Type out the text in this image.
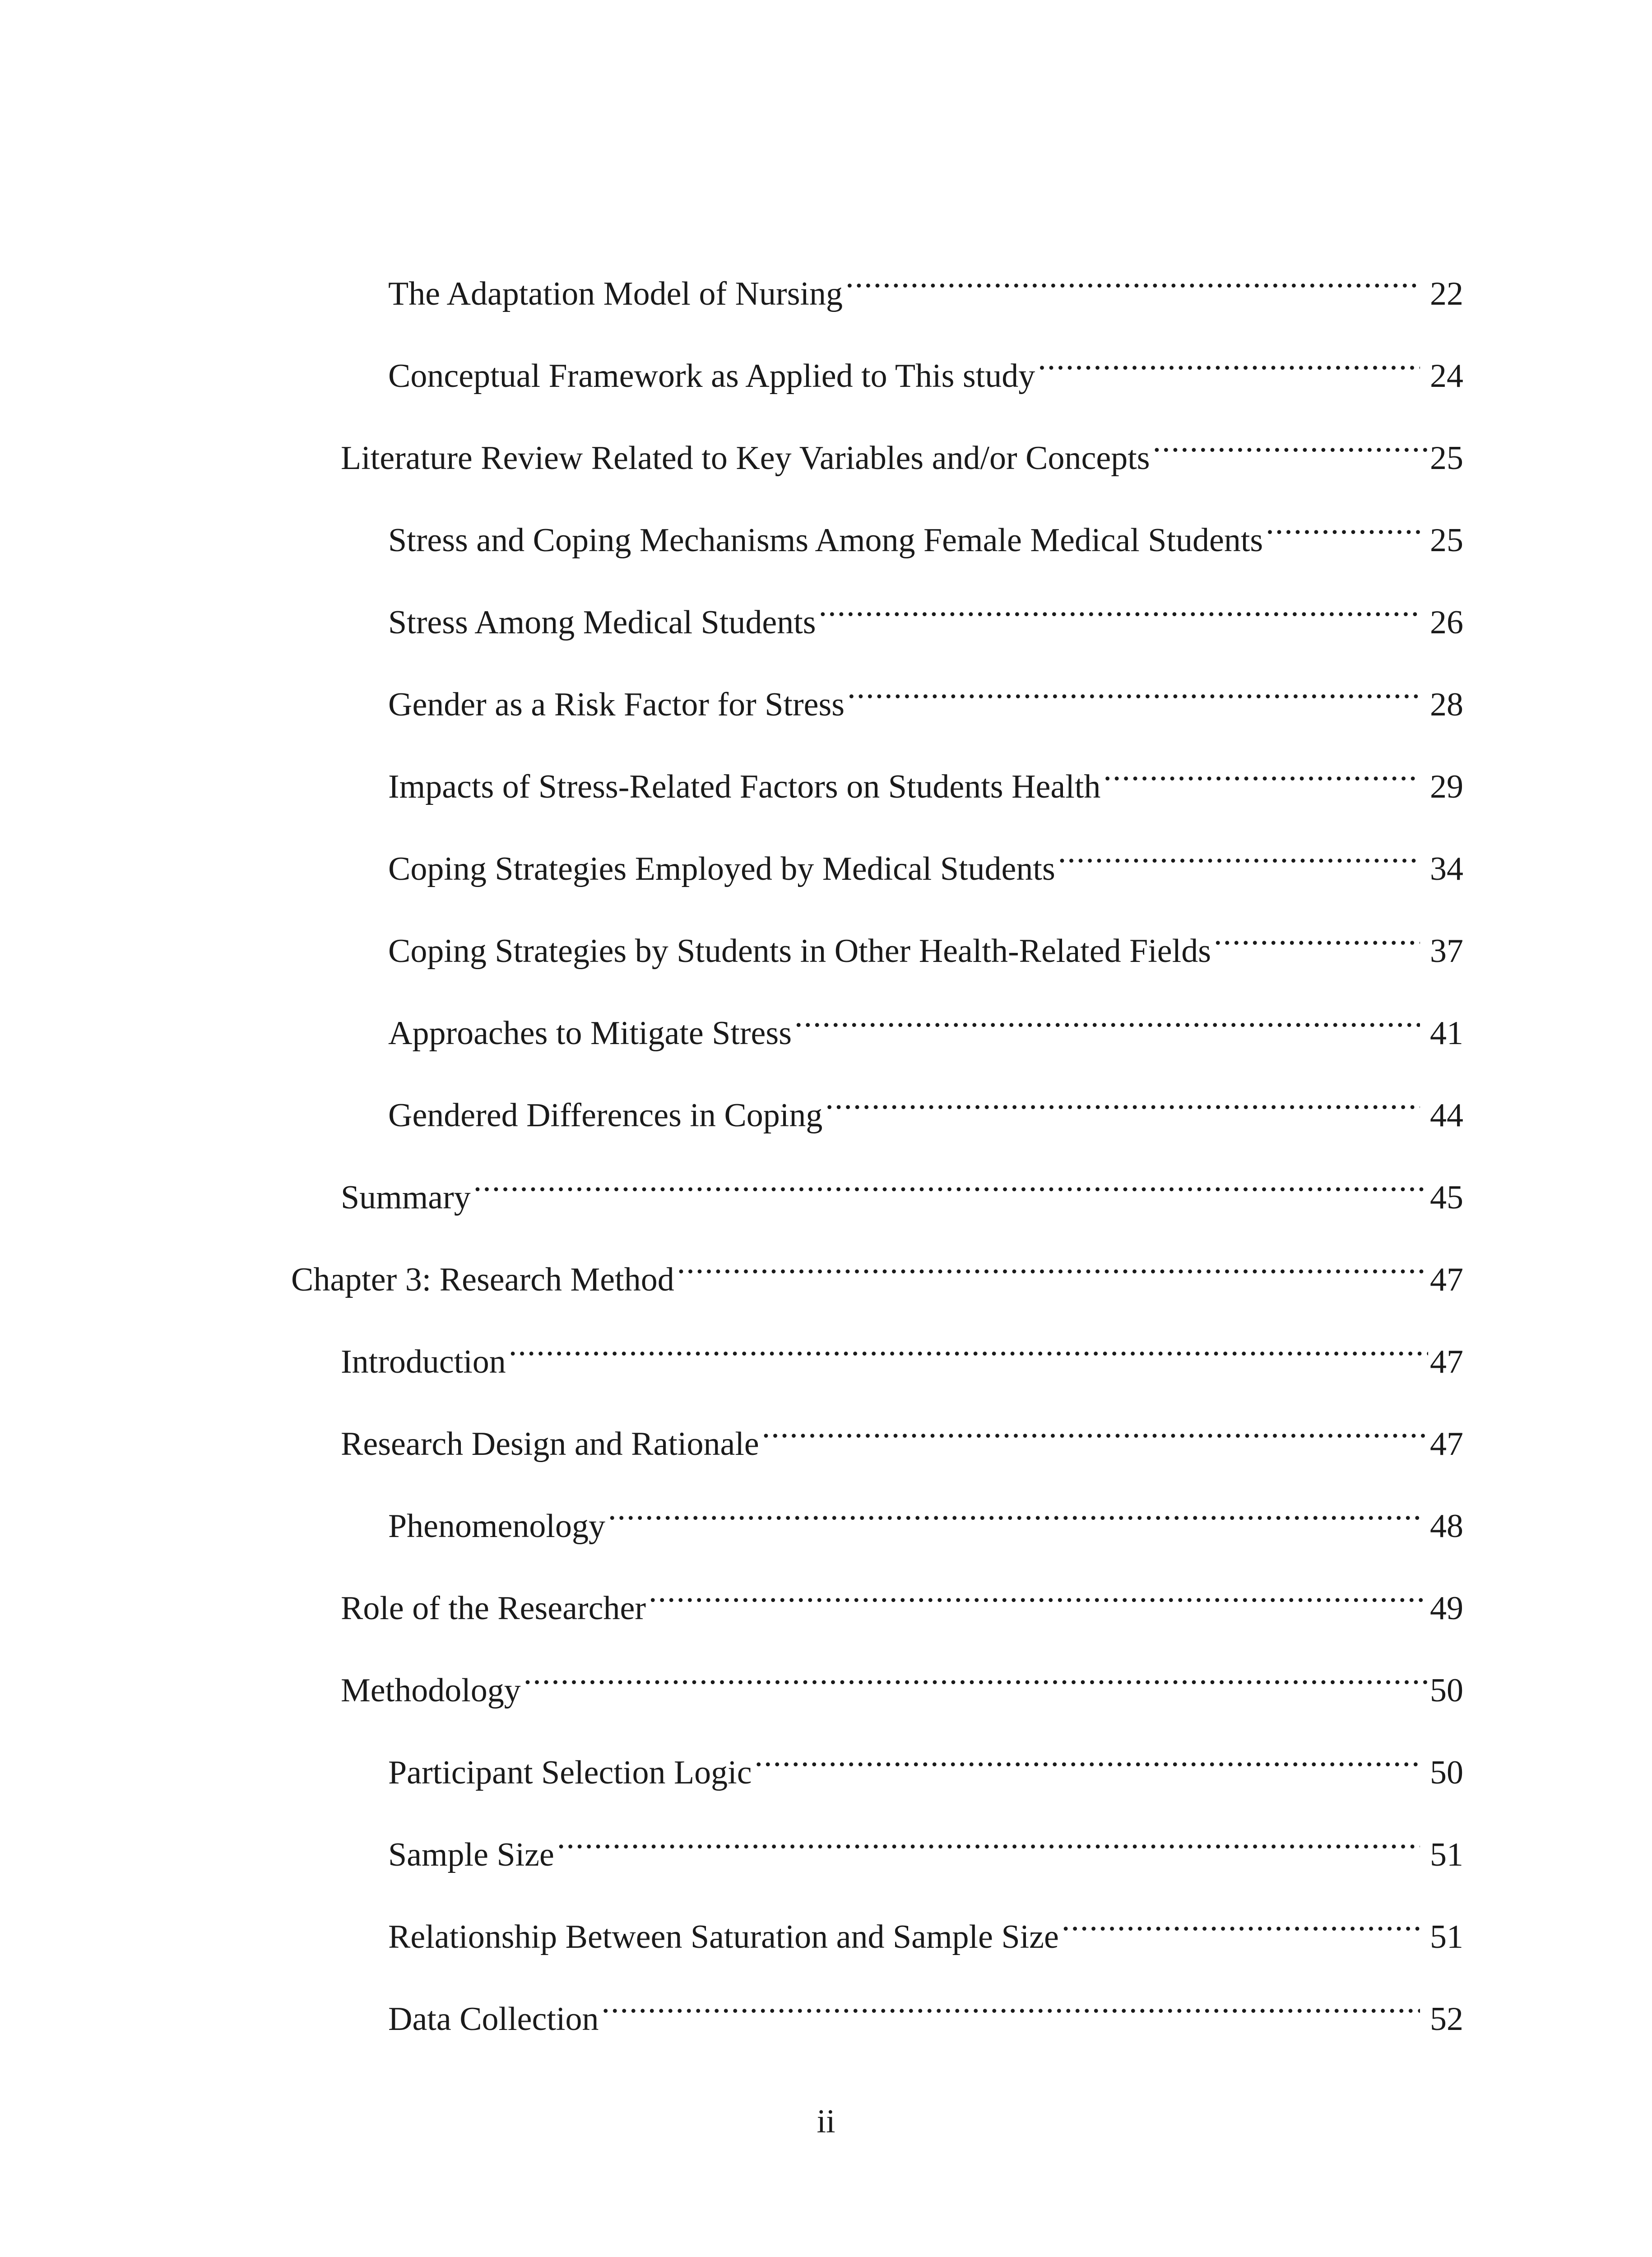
The Adaptation Model of Nursing .....	22
Conceptual Framework as Applied to This study .....	24
Literature Review Related to Key Variables and/or Concepts .....	25
Stress and Coping Mechanisms Among Female Medical Students .....	25
Stress Among Medical Students .....	26
Gender as a Risk Factor for Stress .....	28
Impacts of Stress-Related Factors on Students Health .....	29
Coping Strategies Employed by Medical Students .....	34
Coping Strategies by Students in Other Health-Related Fields .....	37
Approaches to Mitigate Stress .....	41
Gendered Differences in Coping .....	44
Summary .....	45
Chapter 3: Research Method .....	47
Introduction .....	47
Research Design and Rationale .....	47
Phenomenology .....	48
Role of the Researcher .....	49
Methodology .....	50
Participant Selection Logic .....	50
Sample Size .....	51
Relationship Between Saturation and Sample Size .....	51
Data Collection .....	52
ii
